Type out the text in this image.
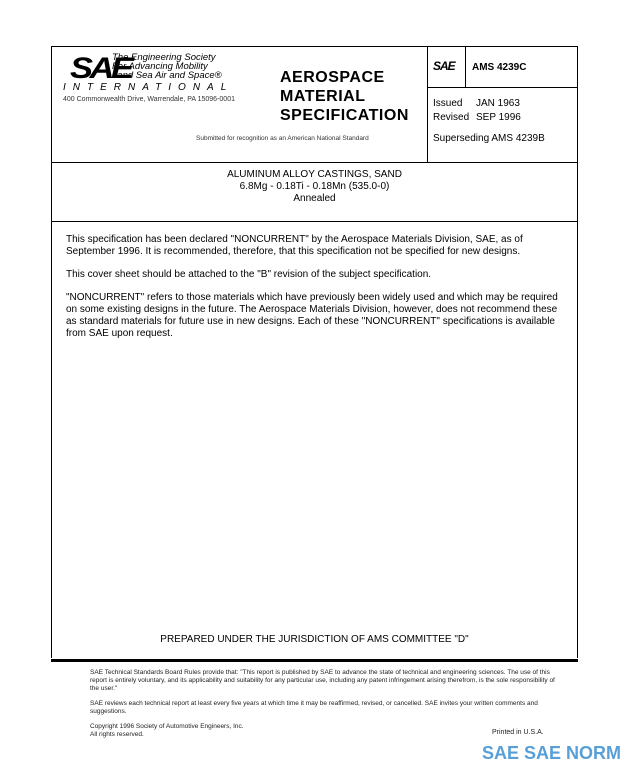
SAE
The Engineering Society
For Advancing Mobility
Land Sea Air and Space®
INTERNATIONAL
400 Commonwealth Drive, Warrendale, PA 15096-0001
AEROSPACE
MATERIAL
SPECIFICATION
Submitted for recognition as an American National Standard
SAE AMS 4239C
Issued JAN 1963
Revised SEP 1996
Superseding AMS 4239B
ALUMINUM ALLOY CASTINGS, SAND
6.8Mg - 0.18Ti - 0.18Mn (535.0-0)
Annealed

This specification has been declared "NONCURRENT" by the Aerospace Materials Division, SAE, as of September 1996. It is recommended, therefore, that this specification not be specified for new designs.

This cover sheet should be attached to the "B" revision of the subject specification.

"NONCURRENT" refers to those materials which have previously been widely used and which may be required on some existing designs in the future. The Aerospace Materials Division, however, does not recommend these as standard materials for future use in new designs. Each of these "NONCURRENT" specifications is available from SAE upon request.

PREPARED UNDER THE JURISDICTION OF AMS COMMITTEE "D"

SAE Technical Standards Board Rules provide that: "This report is published by SAE to advance the state of technical and engineering sciences. The use of this report is entirely voluntary, and its applicability and suitability for any particular use, including any patent infringement arising therefrom, is the sole responsibility of the user."

SAE reviews each technical report at least every five years at which time it may be reaffirmed, revised, or cancelled. SAE invites your written comments and suggestions.

Copyright 1996 Society of Automotive Engineers, Inc.
All rights reserved.	Printed in U.S.A.
SAE SAE NORM
